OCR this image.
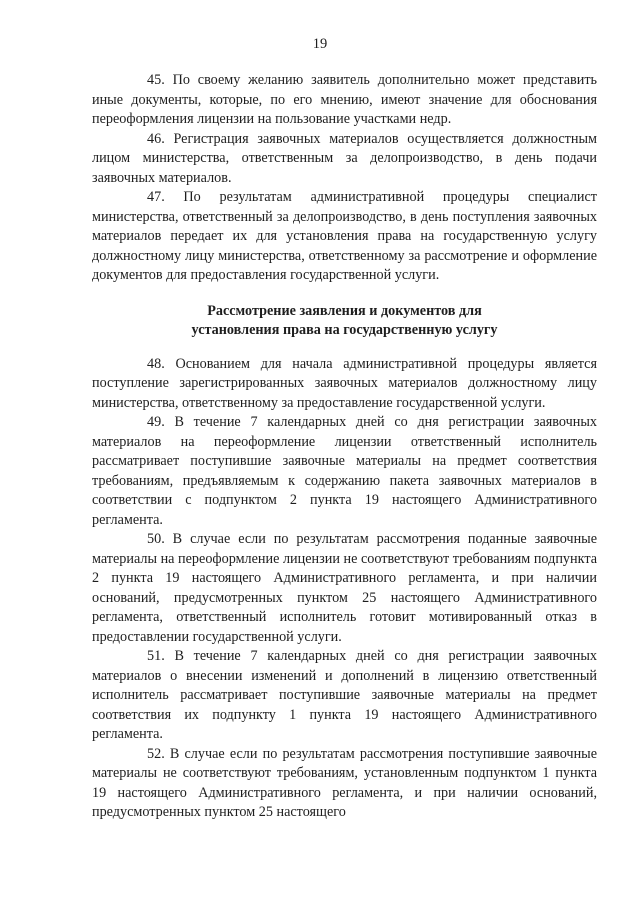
19

45. По своему желанию заявитель дополнительно может представить иные документы, которые, по его мнению, имеют значение для обоснования переоформления лицензии на пользование участками недр.

46. Регистрация заявочных материалов осуществляется должностным лицом министерства, ответственным за делопроизводство, в день подачи заявочных материалов.

47. По результатам административной процедуры специалист министерства, ответственный за делопроизводство, в день поступления заявочных материалов передает их для установления права на государственную услугу должностному лицу министерства, ответственному за рассмотрение и оформление документов для предоставления государственной услуги.

Рассмотрение заявления и документов для
установления права на государственную услугу

48. Основанием для начала административной процедуры является поступление зарегистрированных заявочных материалов должностному лицу министерства, ответственному за предоставление государственной услуги.

49. В течение 7 календарных дней со дня регистрации заявочных материалов на переоформление лицензии ответственный исполнитель рассматривает поступившие заявочные материалы на предмет соответствия требованиям, предъявляемым к содержанию пакета заявочных материалов в соответствии с подпунктом 2 пункта 19 настоящего Административного регламента.

50. В случае если по результатам рассмотрения поданные заявочные материалы на переоформление лицензии не соответствуют требованиям подпункта 2 пункта 19 настоящего Административного регламента, и при наличии оснований, предусмотренных пунктом 25 настоящего Административного регламента, ответственный исполнитель готовит мотивированный отказ в предоставлении государственной услуги.

51. В течение 7 календарных дней со дня регистрации заявочных материалов о внесении изменений и дополнений в лицензию ответственный исполнитель рассматривает поступившие заявочные материалы на предмет соответствия их подпункту 1 пункта 19 настоящего Административного регламента.

52. В случае если по результатам рассмотрения поступившие заявочные материалы не соответствуют требованиям, установленным подпунктом 1 пункта 19 настоящего Административного регламента, и при наличии оснований, предусмотренных пунктом 25 настоящего
